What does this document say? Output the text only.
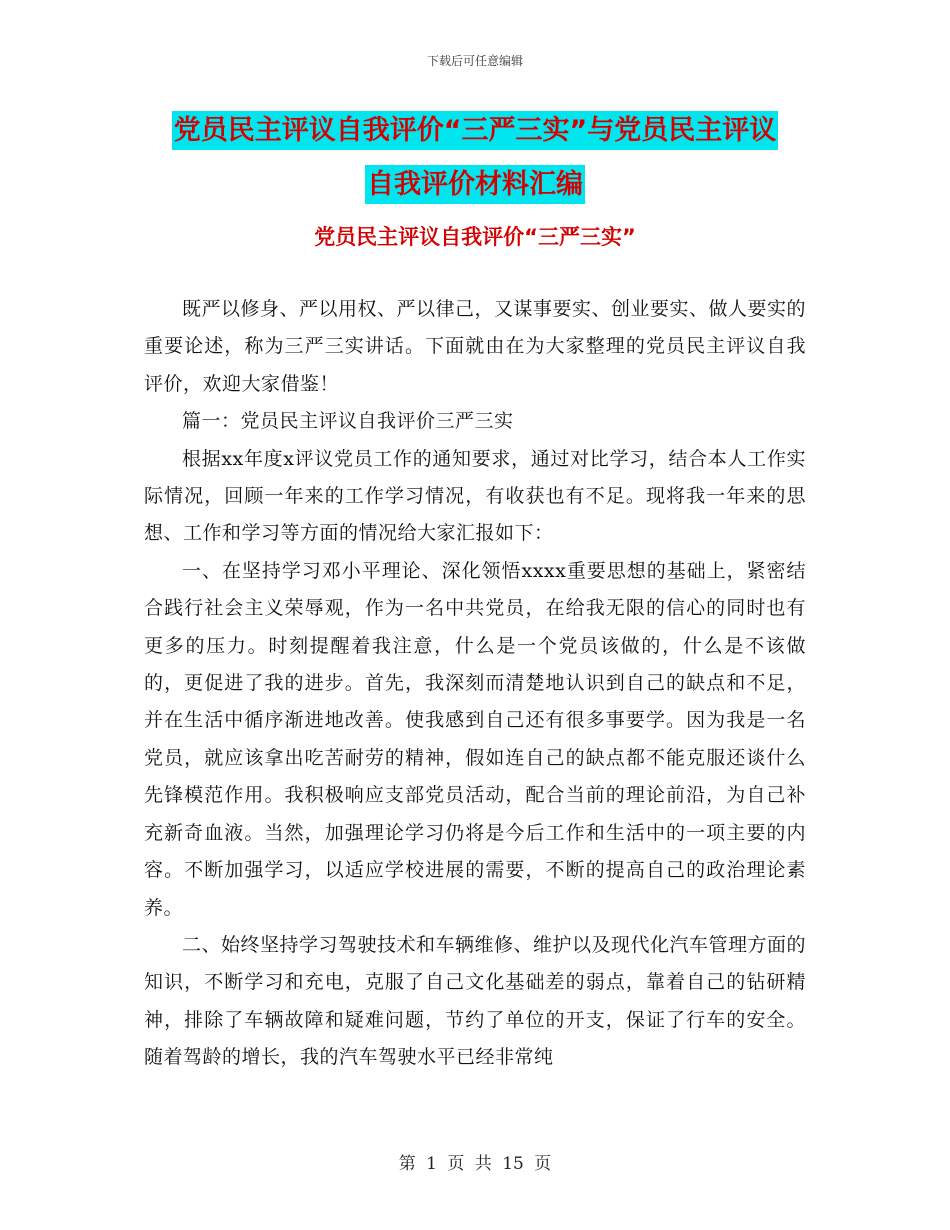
下载后可任意编辑
党员民主评议自我评价“三严三实”与党员民主评议
自我评价材料汇编
党员民主评议自我评价“三严三实”

既严以修身、严以用权、严以律己，又谋事要实、创业要实、做人要实的重要论述，称为三严三实讲话。下面就由在为大家整理的党员民主评议自我评价，欢迎大家借鉴！

篇一：党员民主评议自我评价三严三实

根据xx年度x评议党员工作的通知要求，通过对比学习，结合本人工作实际情况，回顾一年来的工作学习情况，有收获也有不足。现将我一年来的思想、工作和学习等方面的情况给大家汇报如下：

一、在坚持学习邓小平理论、深化领悟xxxx重要思想的基础上，紧密结合践行社会主义荣辱观，作为一名中共党员，在给我无限的信心的同时也有更多的压力。时刻提醒着我注意，什么是一个党员该做的，什么是不该做的，更促进了我的进步。首先，我深刻而清楚地认识到自己的缺点和不足，并在生活中循序渐进地改善。使我感到自己还有很多事要学。因为我是一名党员，就应该拿出吃苦耐劳的精神，假如连自己的缺点都不能克服还谈什么先锋模范作用。我积极响应支部党员活动，配合当前的理论前沿，为自己补充新奇血液。当然，加强理论学习仍将是今后工作和生活中的一项主要的内容。不断加强学习，以适应学校进展的需要，不断的提高自己的政治理论素养。

二、始终坚持学习驾驶技术和车辆维修、维护以及现代化汽车管理方面的知识，不断学习和充电，克服了自己文化基础差的弱点，靠着自己的钻研精神，排除了车辆故障和疑难问题，节约了单位的开支，保证了行车的安全。随着驾龄的增长，我的汽车驾驶水平已经非常纯

第 1 页 共 15 页
